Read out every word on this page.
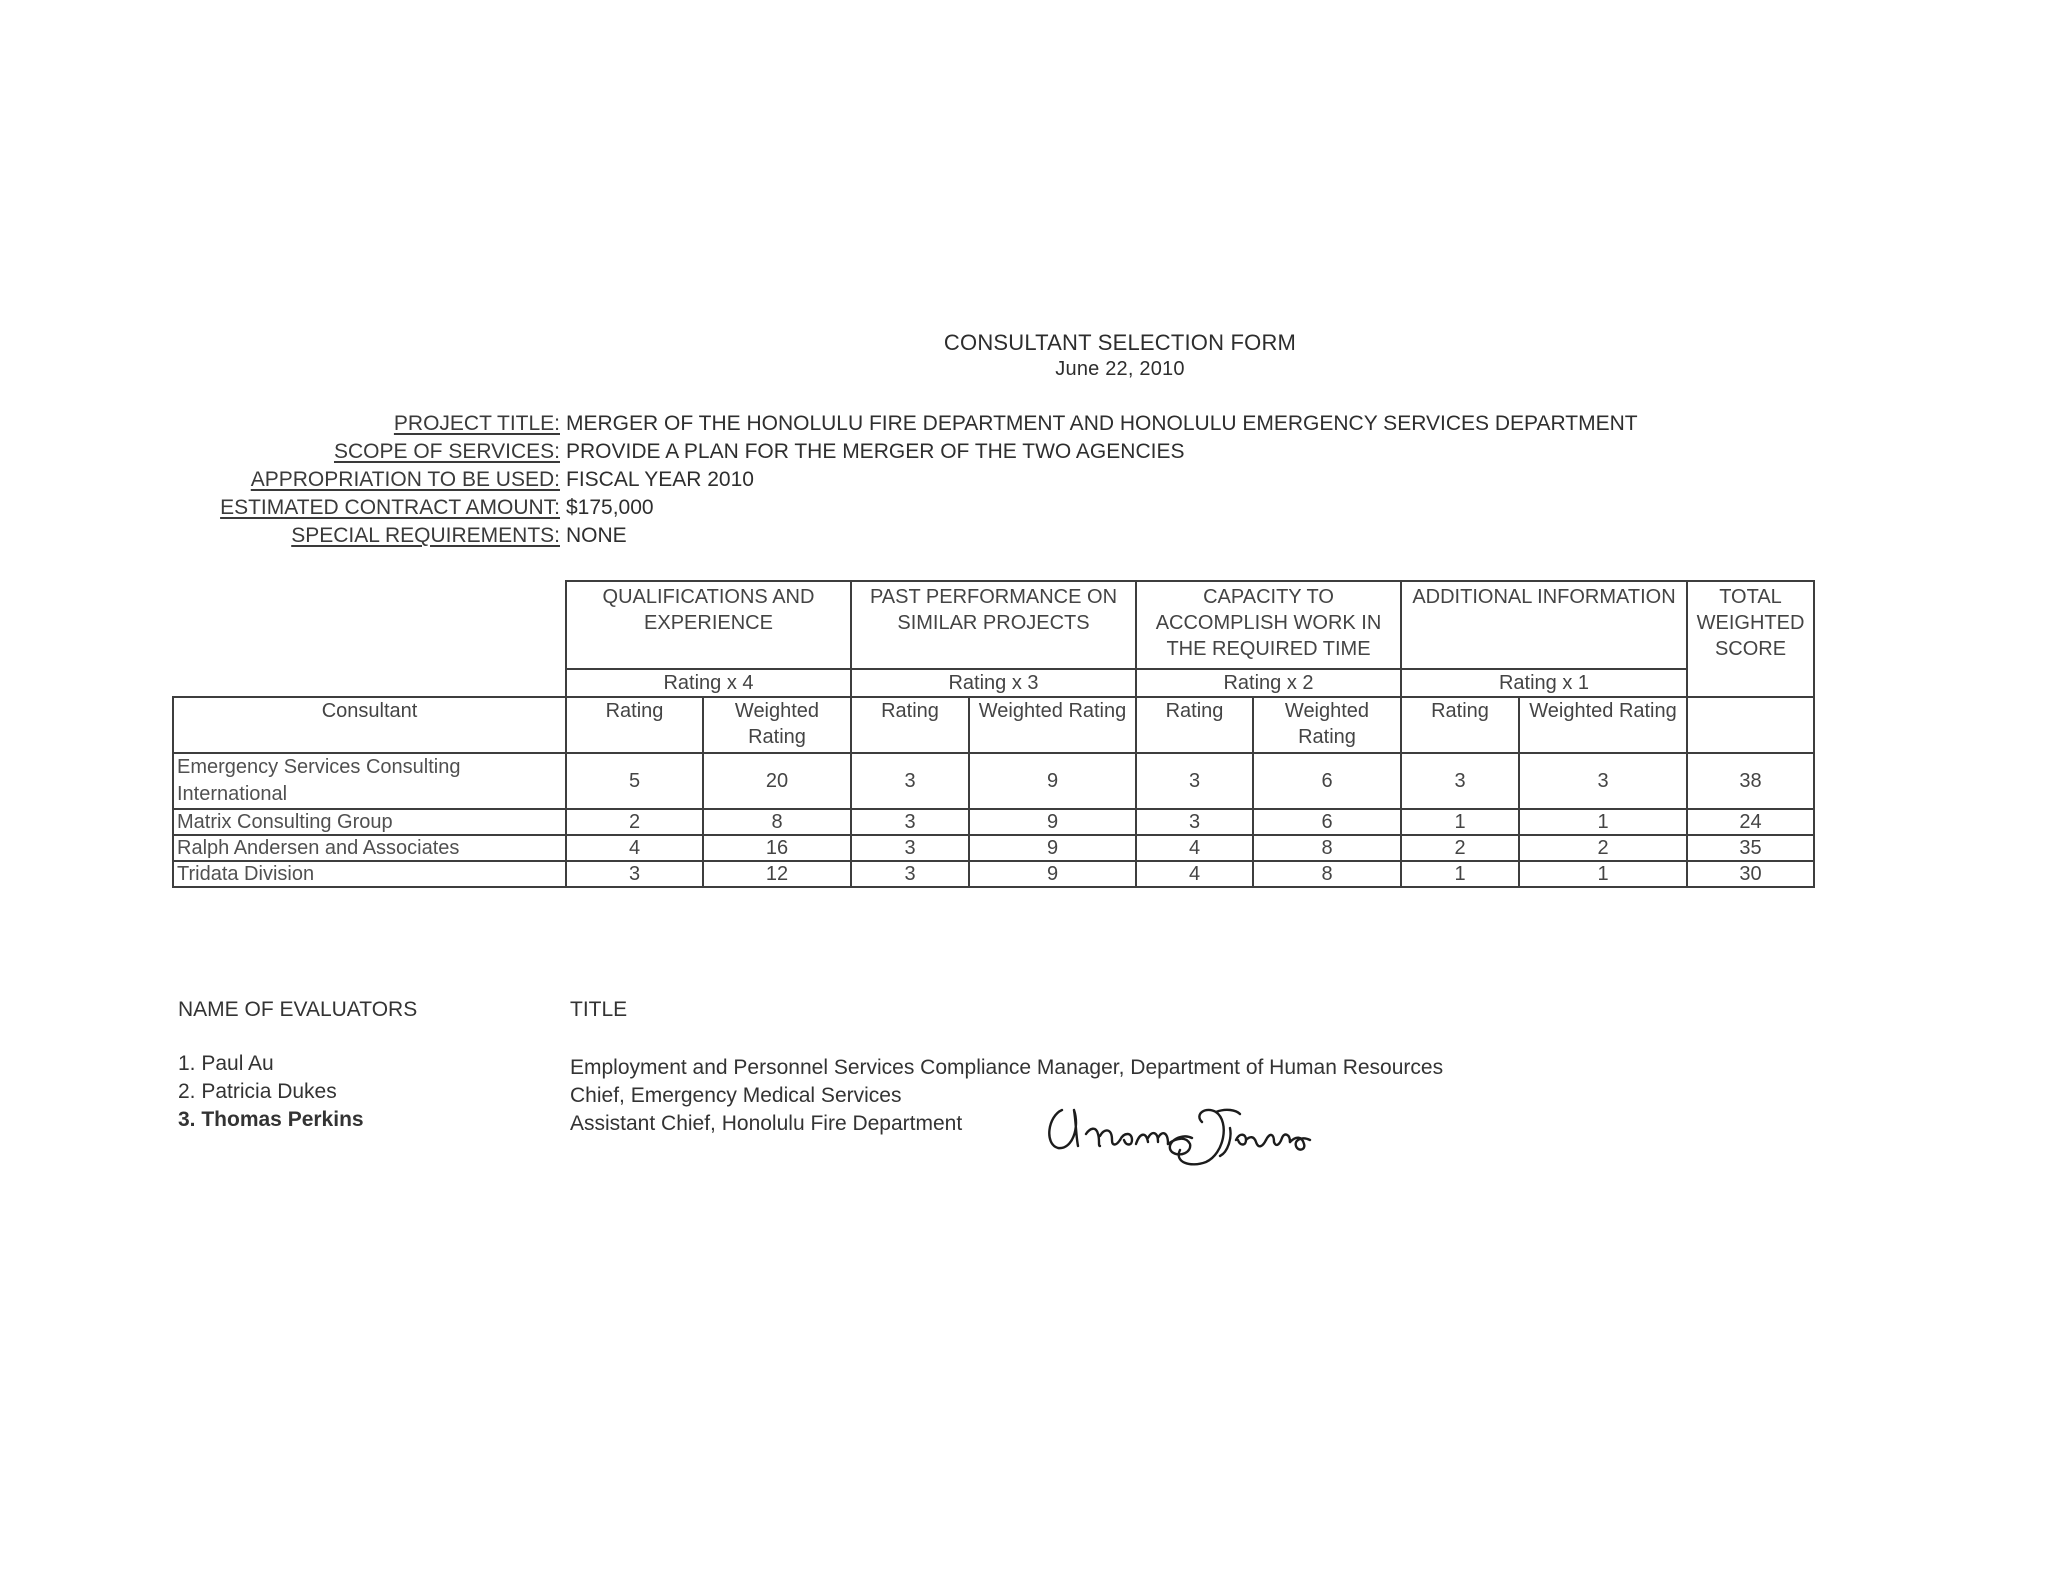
CONSULTANT SELECTION FORM
June 22, 2010
PROJECT TITLE: MERGER OF THE HONOLULU FIRE DEPARTMENT AND HONOLULU EMERGENCY SERVICES DEPARTMENT
SCOPE OF SERVICES: PROVIDE A PLAN FOR THE MERGER OF THE TWO AGENCIES
APPROPRIATION TO BE USED: FISCAL YEAR 2010
ESTIMATED CONTRACT AMOUNT: $175,000
SPECIAL REQUIREMENTS: NONE
	QUALIFICATIONS AND EXPERIENCE		PAST PERFORMANCE ON SIMILAR PROJECTS		CAPACITY TO ACCOMPLISH WORK IN THE REQUIRED TIME		ADDITIONAL INFORMATION		TOTAL WEIGHTED SCORE
	Rating x 4		Rating x 3		Rating x 2		Rating x 1		
Consultant	Rating	Weighted Rating	Rating	Weighted Rating	Rating	Weighted Rating	Rating	Weighted Rating	
Emergency Services Consulting International	5	20	3	9	3	6	3	3	38
Matrix Consulting Group	2	8	3	9	3	6	1	1	24
Ralph Andersen and Associates	4	16	3	9	4	8	2	2	35
Tridata Division	3	12	3	9	4	8	1	1	30
NAME OF EVALUATORS	TITLE
1. Paul Au	Employment and Personnel Services Compliance Manager, Department of Human Resources
2. Patricia Dukes	Chief, Emergency Medical Services
3. Thomas Perkins	Assistant Chief, Honolulu Fire Department
